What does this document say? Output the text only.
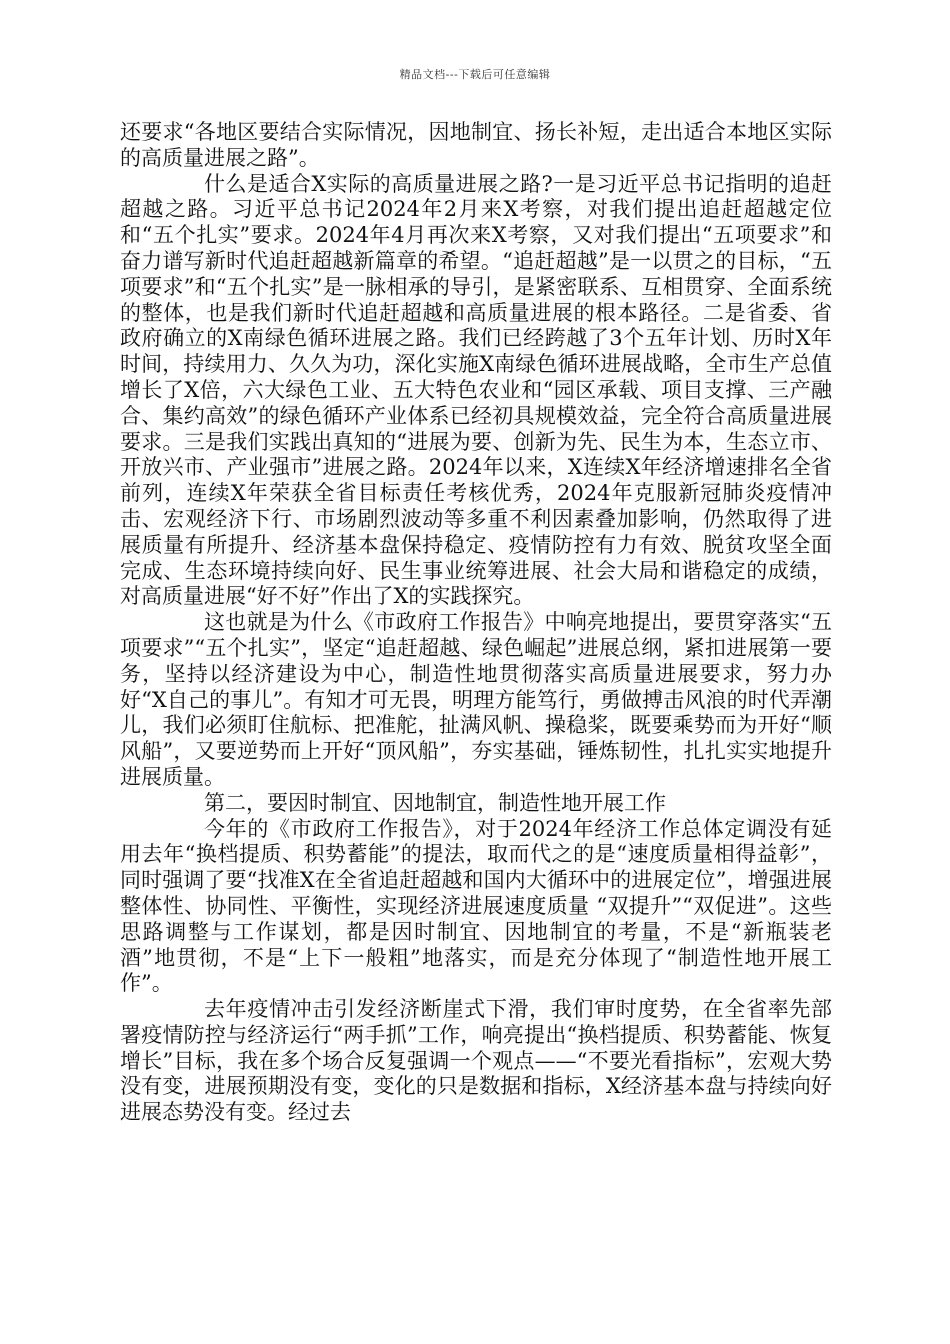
精品文档---下载后可任意编辑

还要求“各地区要结合实际情况，因地制宜、扬长补短，走出适合本地区实际的高质量进展之路”。

什么是适合X实际的高质量进展之路?一是习近平总书记指明的追赶超越之路。习近平总书记2024年2月来X考察，对我们提出追赶超越定位和“五个扎实”要求。2024年4月再次来X考察，又对我们提出“五项要求”和奋力谱写新时代追赶超越新篇章的希望。“追赶超越”是一以贯之的目标，“五项要求”和“五个扎实”是一脉相承的导引，是紧密联系、互相贯穿、全面系统的整体，也是我们新时代追赶超越和高质量进展的根本路径。二是省委、省政府确立的X南绿色循环进展之路。我们已经跨越了3个五年计划、历时X年时间，持续用力、久久为功，深化实施X南绿色循环进展战略，全市生产总值增长了X倍，六大绿色工业、五大特色农业和“园区承载、项目支撑、三产融合、集约高效”的绿色循环产业体系已经初具规模效益，完全符合高质量进展要求。三是我们实践出真知的“进展为要、创新为先、民生为本，生态立市、开放兴市、产业强市”进展之路。2024年以来，X连续X年经济增速排名全省前列，连续X年荣获全省目标责任考核优秀，2024年克服新冠肺炎疫情冲击、宏观经济下行、市场剧烈波动等多重不利因素叠加影响，仍然取得了进展质量有所提升、经济基本盘保持稳定、疫情防控有力有效、脱贫攻坚全面完成、生态环境持续向好、民生事业统筹进展、社会大局和谐稳定的成绩，对高质量进展“好不好”作出了X的实践探究。

这也就是为什么《市政府工作报告》中响亮地提出，要贯穿落实“五项要求”“五个扎实”，坚定“追赶超越、绿色崛起”进展总纲，紧扣进展第一要务，坚持以经济建设为中心，制造性地贯彻落实高质量进展要求，努力办好“X自己的事儿”。有知才可无畏，明理方能笃行，勇做搏击风浪的时代弄潮儿，我们必须盯住航标、把准舵，扯满风帆、操稳桨，既要乘势而为开好“顺风船”，又要逆势而上开好“顶风船”，夯实基础，锤炼韧性，扎扎实实地提升进展质量。

第二，要因时制宜、因地制宜，制造性地开展工作

今年的《市政府工作报告》，对于2024年经济工作总体定调没有延用去年“换档提质、积势蓄能”的提法，取而代之的是“速度质量相得益彰”，同时强调了要“找准X在全省追赶超越和国内大循环中的进展定位”，增强进展整体性、协同性、平衡性，实现经济进展速度质量 “双提升”“双促进”。这些思路调整与工作谋划，都是因时制宜、因地制宜的考量，不是“新瓶装老酒”地贯彻，不是“上下一般粗”地落实，而是充分体现了“制造性地开展工作”。

去年疫情冲击引发经济断崖式下滑，我们审时度势，在全省率先部署疫情防控与经济运行“两手抓”工作，响亮提出“换档提质、积势蓄能、恢复增长”目标，我在多个场合反复强调一个观点——“不要光看指标”，宏观大势没有变，进展预期没有变，变化的只是数据和指标，X经济基本盘与持续向好进展态势没有变。经过去
